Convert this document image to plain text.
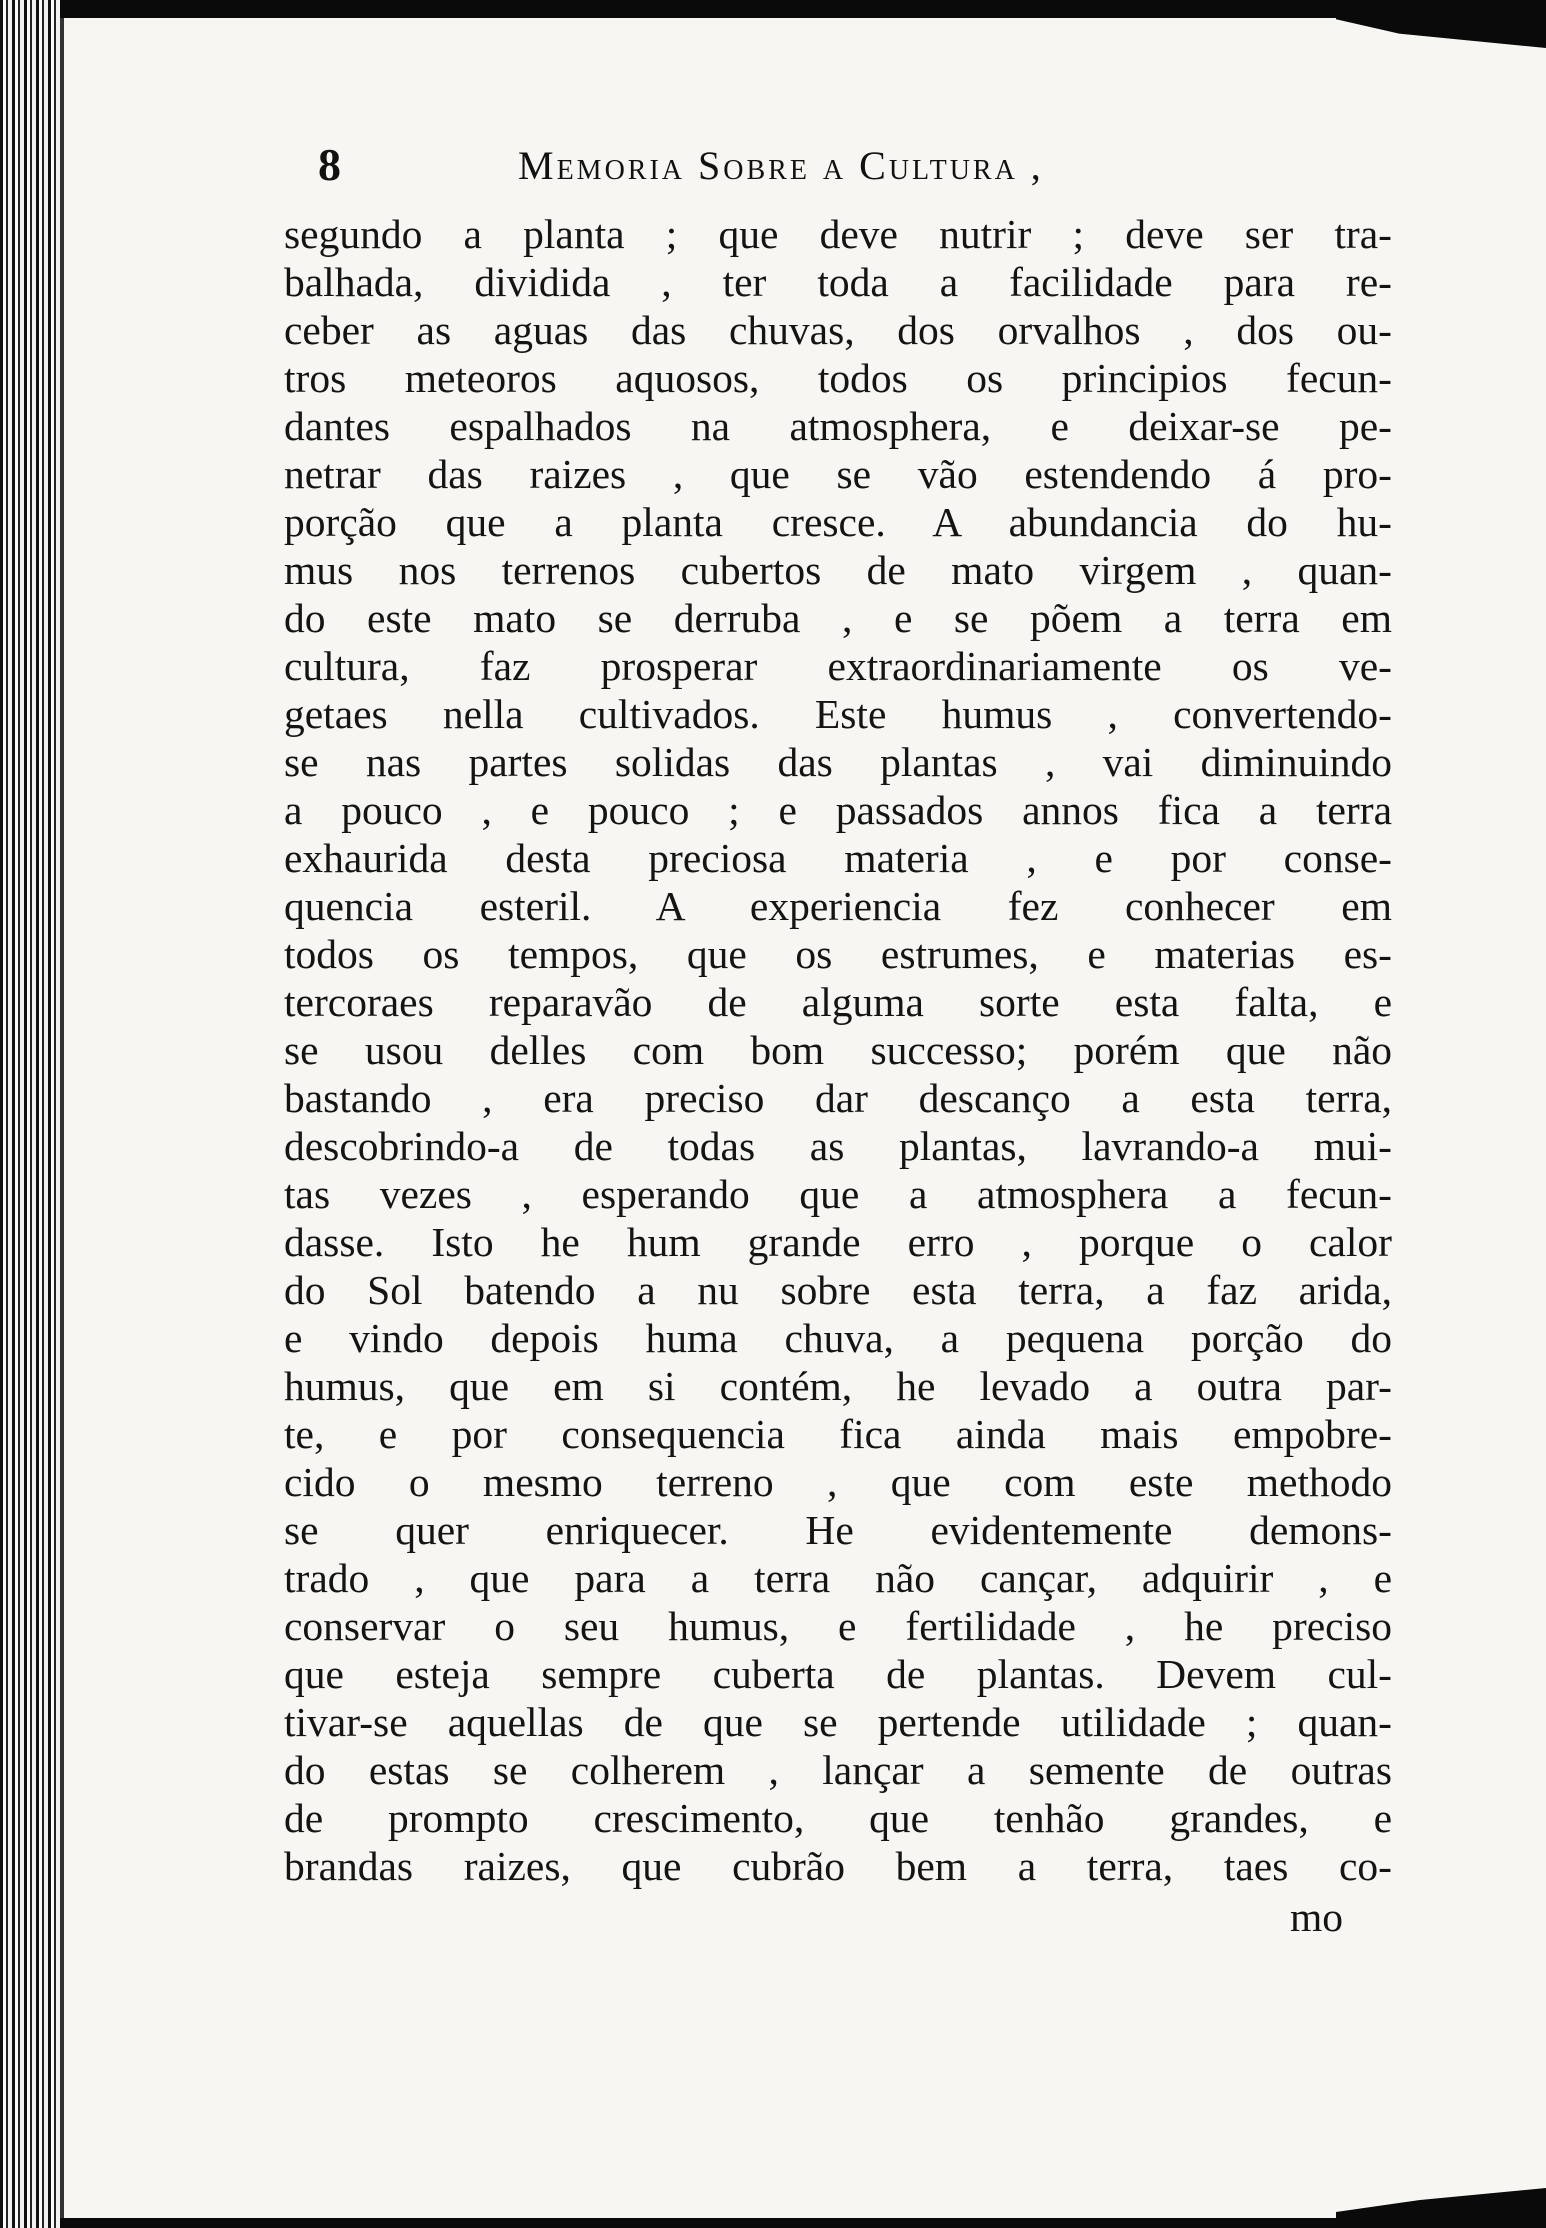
8	Memoria Sobre a Cultura ,
segundo a planta ; que deve nutrir ; deve ser tra-
balhada, dividida , ter toda a facilidade para re-
ceber as aguas das chuvas, dos orvalhos , dos ou-
tros meteoros aquosos, todos os principios fecun-
dantes espalhados na atmosphera, e deixar-se pe-
netrar das raizes , que se vão estendendo á pro-
porção que a planta cresce. A abundancia do hu-
mus nos terrenos cubertos de mato virgem , quan-
do este mato se derruba , e se põem a terra em
cultura, faz prosperar extraordinariamente os ve-
getaes nella cultivados. Este humus , convertendo-
se nas partes solidas das plantas , vai diminuindo
a pouco , e pouco ; e passados annos fica a terra
exhaurida desta preciosa materia , e por conse-
quencia esteril. A experiencia fez conhecer em
todos os tempos, que os estrumes, e materias es-
tercoraes reparavão de alguma sorte esta falta, e
se usou delles com bom successo; porém que não
bastando , era preciso dar descanço a esta terra,
descobrindo-a de todas as plantas, lavrando-a mui-
tas vezes , esperando que a atmosphera a fecun-
dasse. Isto he hum grande erro , porque o calor
do Sol batendo a nu sobre esta terra, a faz arida,
e vindo depois huma chuva, a pequena porção do
humus, que em si contém, he levado a outra par-
te, e por consequencia fica ainda mais empobre-
cido o mesmo terreno , que com este methodo
se quer enriquecer. He evidentemente demons-
trado , que para a terra não cançar, adquirir , e
conservar o seu humus, e fertilidade , he preciso
que esteja sempre cuberta de plantas. Devem cul-
tivar-se aquellas de que se pertende utilidade ; quan-
do estas se colherem , lançar a semente de outras
de prompto crescimento, que tenhão grandes, e
brandas raizes, que cubrão bem a terra, taes co-
mo
